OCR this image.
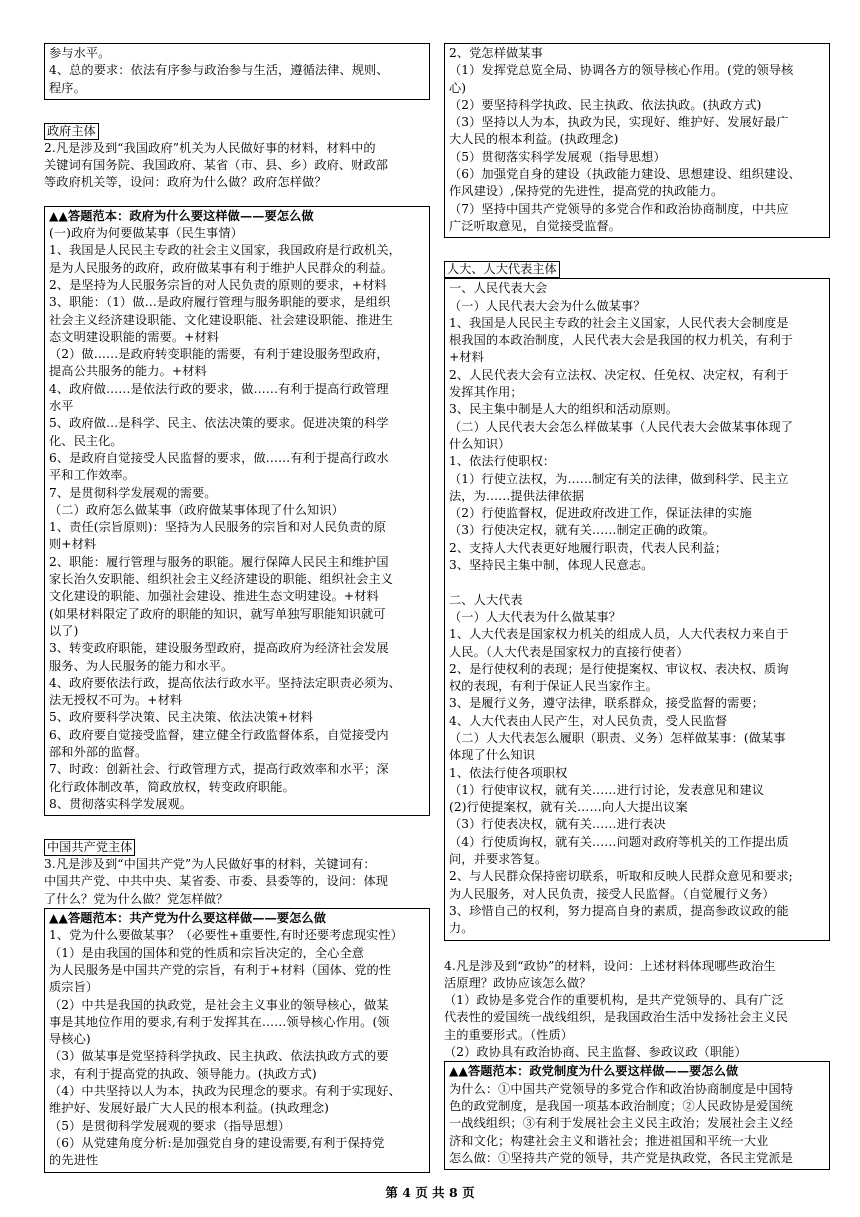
参与水平。
4、总的要求：依法有序参与政治参与生活，遵循法律、规则、
程序。
政府主体
2.凡是涉及到“我国政府”机关为人民做好事的材料，材料中的
关键词有国务院、我国政府、某省（市、县、乡）政府、财政部
等政府机关等，设问：政府为什么做？政府怎样做？
▲▲答题范本：政府为什么要这样做——要怎么做
(一)政府为何要做某事（民生事情）
1、我国是人民民主专政的社会主义国家，我国政府是行政机关，
是为人民服务的政府，政府做某事有利于维护人民群众的利益。
2、是坚持为人民服务宗旨的对人民负责的原则的要求，+材料
3、职能：（1）做…是政府履行管理与服务职能的要求，是组织
社会主义经济建设职能、文化建设职能、社会建设职能、推进生
态文明建设职能的需要。+材料
（2）做……是政府转变职能的需要，有利于建设服务型政府，
提高公共服务的能力。+材料
4、政府做……是依法行政的要求，做……有利于提高行政管理
水平
5、政府做…是科学、民主、依法决策的要求。促进决策的科学
化、民主化。
6、是政府自觉接受人民监督的要求，做……有利于提高行政水
平和工作效率。
7、是贯彻科学发展观的需要。
（二）政府怎么做某事（政府做某事体现了什么知识）
1、责任(宗旨原则)：坚持为人民服务的宗旨和对人民负责的原
则+材料
2、职能：履行管理与服务的职能。履行保障人民民主和维护国
家长治久安职能、组织社会主义经济建设的职能、组织社会主义
文化建设的职能、加强社会建设、推进生态文明建设。+材料
(如果材料限定了政府的职能的知识，就写单独写职能知识就可
以了)
3、转变政府职能，建设服务型政府，提高政府为经济社会发展
服务、为人民服务的能力和水平。
4、政府要依法行政，提高依法行政水平。坚持法定职责必须为、
法无授权不可为。+材料
5、政府要科学决策、民主决策、依法决策+材料
6、政府要自觉接受监督，建立健全行政监督体系，自觉接受内
部和外部的监督。
7、时政：创新社会、行政管理方式，提高行政效率和水平；深
化行政体制改革，简政放权，转变政府职能。
8、贯彻落实科学发展观。
中国共产党主体
3.凡是涉及到“中国共产党”为人民做好事的材料，关键词有：
中国共产党、中共中央、某省委、市委、县委等的，设问：体现
了什么？党为什么做？党怎样做？
▲▲答题范本：共产党为什么要这样做——要怎么做
1、党为什么要做某事？（必要性+重要性,有时还要考虑现实性）
（1）是由我国的国体和党的性质和宗旨决定的，全心全意
为人民服务是中国共产党的宗旨，有利于+材料（国体、党的性
质宗旨）
（2）中共是我国的执政党，是社会主义事业的领导核心，做某
事是其地位作用的要求,有利于发挥其在……领导核心作用。(领
导核心)
（3）做某事是党坚持科学执政、民主执政、依法执政方式的要
求，有利于提高党的执政、领导能力。(执政方式)
（4）中共坚持以人为本，执政为民理念的要求。有利于实现好、
维护好、发展好最广大人民的根本利益。(执政理念)
（5）是贯彻科学发展观的要求（指导思想）
（6）从党建角度分析:是加强党自身的建设需要,有利于保持党
的先进性
2、党怎样做某事
（1）发挥党总览全局、协调各方的领导核心作用。(党的领导核
心)
（2）要坚持科学执政、民主执政、依法执政。(执政方式)
（3）坚持以人为本，执政为民，实现好、维护好、发展好最广
大人民的根本利益。(执政理念)
（5）贯彻落实科学发展观（指导思想）
（6）加强党自身的建设（执政能力建设、思想建设、组织建设、
作风建设）,保持党的先进性，提高党的执政能力。
（7）坚持中国共产党领导的多党合作和政治协商制度，中共应
广泛听取意见，自觉接受监督。
人大、人大代表主体
一、人民代表大会
（一）人民代表大会为什么做某事？
1、我国是人民民主专政的社会主义国家，人民代表大会制度是
根我国的本政治制度，人民代表大会是我国的权力机关，有利于
+材料
2、人民代表大会有立法权、决定权、任免权、决定权，有利于
发挥其作用；
3、民主集中制是人大的组织和活动原则。
（二）人民代表大会怎么样做某事（人民代表大会做某事体现了
什么知识）
1、依法行使职权：
（1）行使立法权，为……制定有关的法律，做到科学、民主立
法，为……提供法律依据
（2）行使监督权，促进政府改进工作，保证法律的实施
（3）行使决定权，就有关……制定正确的政策。
2、支持人大代表更好地履行职责，代表人民利益；
3、坚持民主集中制，体现人民意志。

二、人大代表
（一）人大代表为什么做某事？
1、人大代表是国家权力机关的组成人员，人大代表权力来自于
人民。（人大代表是国家权力的直接行使者）
2、是行使权利的表现；是行使提案权、审议权、表决权、质询
权的表现，有利于保证人民当家作主。
3、是履行义务，遵守法律，联系群众，接受监督的需要；
4、人大代表由人民产生，对人民负责，受人民监督
（二）人大代表怎么履职（职责、义务）怎样做某事：(做某事
体现了什么知识
1、依法行使各项职权
（1）行使审议权，就有关……进行讨论，发表意见和建议
(2)行使提案权，就有关……向人大提出议案
（3）行使表决权，就有关……进行表决
（4）行使质询权，就有关……问题对政府等机关的工作提出质
问，并要求答复。
2、与人民群众保持密切联系，听取和反映人民群众意见和要求;
为人民服务，对人民负责，接受人民监督。（自觉履行义务）
3、珍惜自己的权利，努力提高自身的素质，提高参政议政的能
力。
4.凡是涉及到“政协”的材料，设问：上述材料体现哪些政治生
活原理？政协应该怎么做？
（1）政协是多党合作的重要机构，是共产党领导的、具有广泛
代表性的爱国统一战线组织，是我国政治生活中发扬社会主义民
主的重要形式。（性质）
（2）政协具有政治协商、民主监督、参政议政（职能）
▲▲答题范本：政党制度为什么要这样做——要怎么做
为什么：①中国共产党领导的多党合作和政治协商制度是中国特
色的政党制度，是我国一项基本政治制度；②人民政协是爱国统
一战线组织；③有利于发展社会主义民主政治；发展社会主义经
济和文化；构建社会主义和谐社会；推进祖国和平统一大业
怎么做：①坚持共产党的领导，共产党是执政党，各民主党派是
第 4 页 共 8 页
